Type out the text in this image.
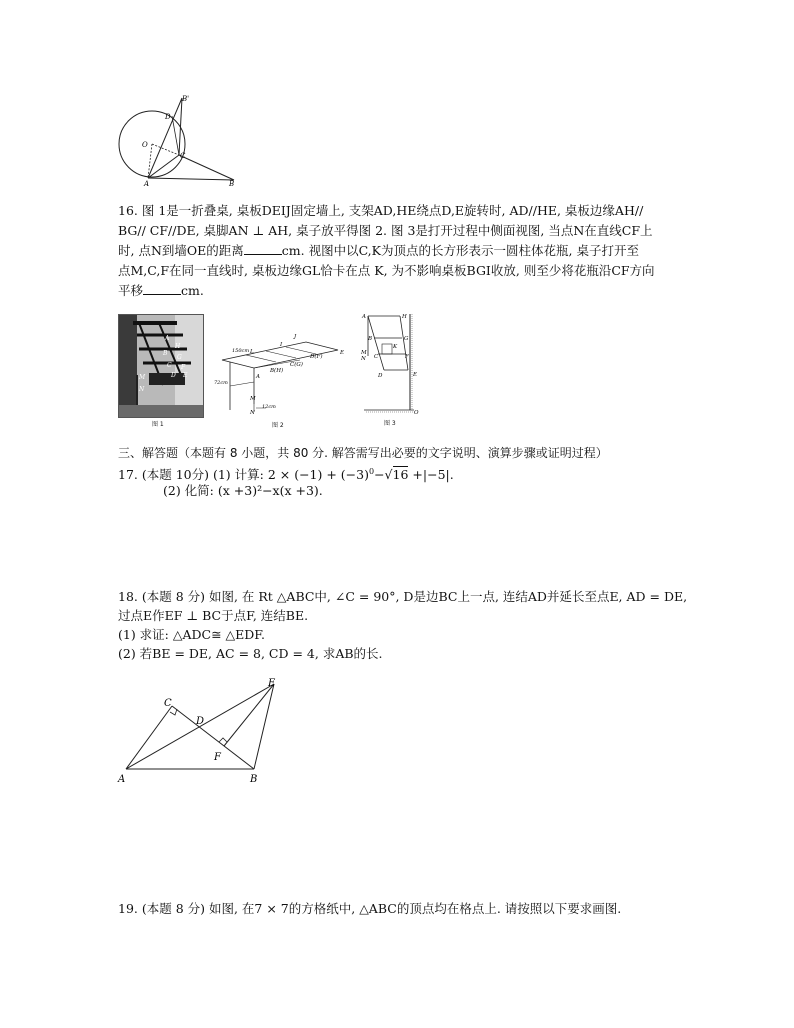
B'
D
O
C
A	B
16. 图 1是一折叠桌, 桌板DEIJ固定墙上, 支架AD,HE绕点D,E旋转时, AD//HE, 桌板边缘AH//
BG// CF//DE, 桌脚AN ⊥ AH, 桌子放平得图 2. 图 3是打开过程中侧面视图, 当点N在直线CF上
时, 点N到墙OE的距离	cm. 视图中以C,K为顶点的长方形表示一圆柱体花瓶, 桌子打开至
点M,C,F在同一直线时, 桌板边缘GL恰卡在点 K, 为不影响桌板BGI收放, 则至少将花瓶沿CF方向
平移	cm.
A
H
B
G
C F
D E
M
N
图 1
J
I
150cm L
D(F)
E
C(G)
B(H)
A
72cm
M
N
12cm
图 2
A	H
B	G
K
C	F
M
N
D	E
O
图 3
三、解答题（本题有 8 小题，共 80 分. 解答需写出必要的文字说明、演算步骤或证明过程）
17. (本题 10分) (1) 计算: $2 \times (-1) + (-3)^0-√16 +|-5|$.
(2) 化简: (x +3)²−x(x +3).
18. (本题 8 分) 如图, 在 Rt △ABC中, ∠C = 90°, D是边BC上一点, 连结AD并延长至点E, AD = DE,
过点E作EF ⊥ BC于点F, 连结BE.
(1) 求证: △ADC≅ △EDF.
(2) 若BE = DE, AC = 8, CD = 4, 求AB的长.
C
D
E
F
A	B
19. (本题 8 分) 如图, 在7 × 7的方格纸中, △ABC的顶点均在格点上. 请按照以下要求画图.
